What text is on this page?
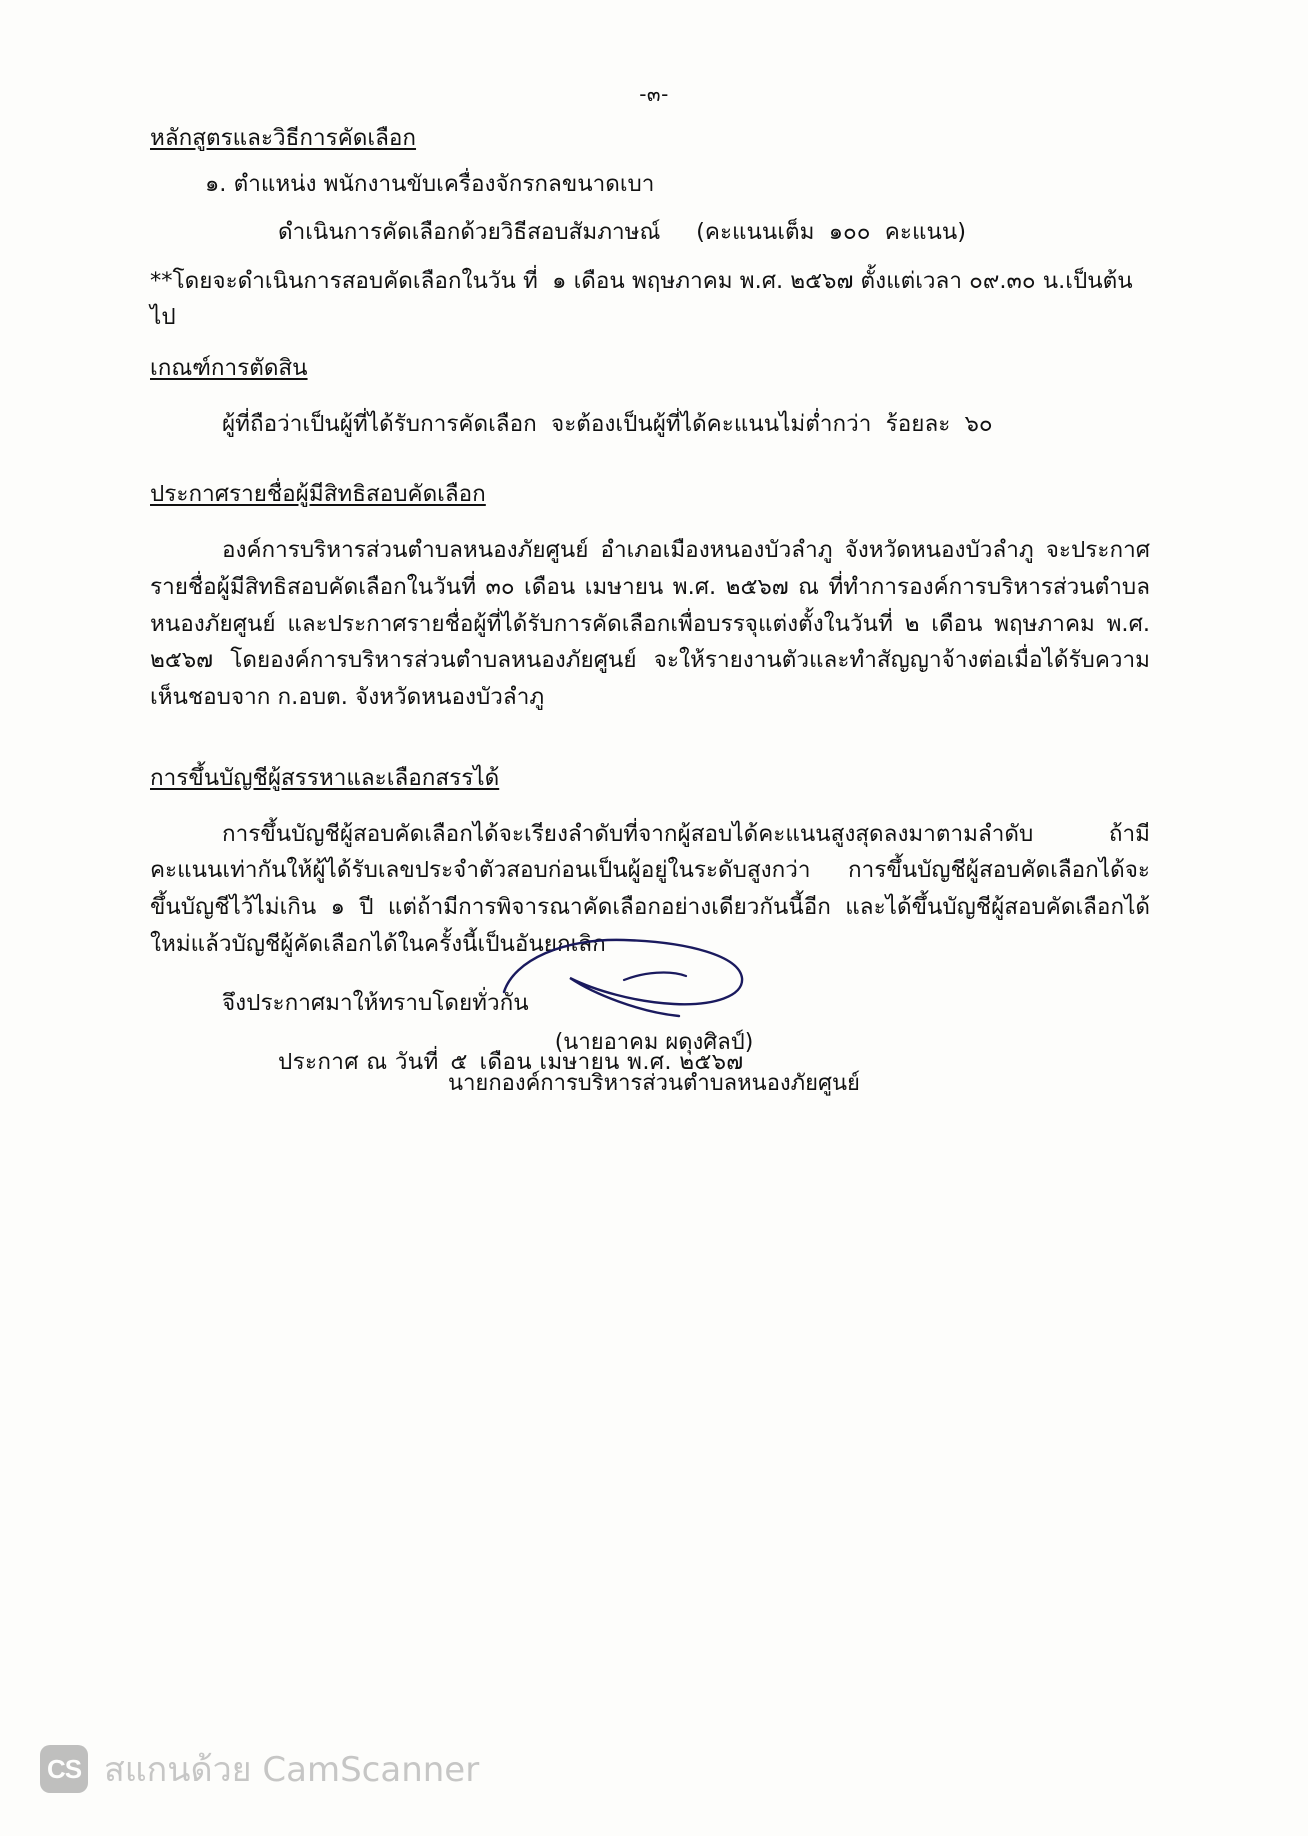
-๓-

หลักสูตรและวิธีการคัดเลือก

๑. ตำแหน่ง พนักงานขับเครื่องจักรกลขนาดเบา

ดำเนินการคัดเลือกด้วยวิธีสอบสัมภาษณ์     (คะแนนเต็ม  ๑๐๐  คะแนน)

**โดยจะดำเนินการสอบคัดเลือกในวัน ที่  ๑ เดือน พฤษภาคม พ.ศ. ๒๕๖๗ ตั้งแต่เวลา ๐๙.๓๐ น.เป็นต้นไป

เกณฑ์การตัดสิน

ผู้ที่ถือว่าเป็นผู้ที่ได้รับการคัดเลือก  จะต้องเป็นผู้ที่ได้คะแนนไม่ต่ำกว่า  ร้อยละ  ๖๐

ประกาศรายชื่อผู้มีสิทธิสอบคัดเลือก

องค์การบริหารส่วนตำบลหนองภัยศูนย์ อำเภอเมืองหนองบัวลำภู จังหวัดหนองบัวลำภู จะประกาศรายชื่อผู้มีสิทธิสอบคัดเลือกในวันที่ ๓๐ เดือน เมษายน พ.ศ. ๒๕๖๗ ณ ที่ทำการองค์การบริหารส่วนตำบลหนองภัยศูนย์ และประกาศรายชื่อผู้ที่ได้รับการคัดเลือกเพื่อบรรจุแต่งตั้งในวันที่ ๒ เดือน พฤษภาคม พ.ศ. ๒๕๖๗ โดยองค์การบริหารส่วนตำบลหนองภัยศูนย์ จะให้รายงานตัวและทำสัญญาจ้างต่อเมื่อได้รับความเห็นชอบจาก ก.อบต. จังหวัดหนองบัวลำภู

การขึ้นบัญชีผู้สรรหาและเลือกสรรได้

การขึ้นบัญชีผู้สอบคัดเลือกได้จะเรียงลำดับที่จากผู้สอบได้คะแนนสูงสุดลงมาตามลำดับ ถ้ามีคะแนนเท่ากันให้ผู้ได้รับเลขประจำตัวสอบก่อนเป็นผู้อยู่ในระดับสูงกว่า การขึ้นบัญชีผู้สอบคัดเลือกได้จะขึ้นบัญชีไว้ไม่เกิน ๑ ปี แต่ถ้ามีการพิจารณาคัดเลือกอย่างเดียวกันนี้อีก และได้ขึ้นบัญชีผู้สอบคัดเลือกได้ใหม่แล้วบัญชีผู้คัดเลือกได้ในครั้งนี้เป็นอันยกเลิก

จึงประกาศมาให้ทราบโดยทั่วกัน

ประกาศ ณ วันที่ ๕ เดือน เมษายน พ.ศ. ๒๕๖๗

(นายอาคม ผดุงศิลป์)
นายกองค์การบริหารส่วนตำบลหนองภัยศูนย์
CS สแกนด้วย CamScanner
